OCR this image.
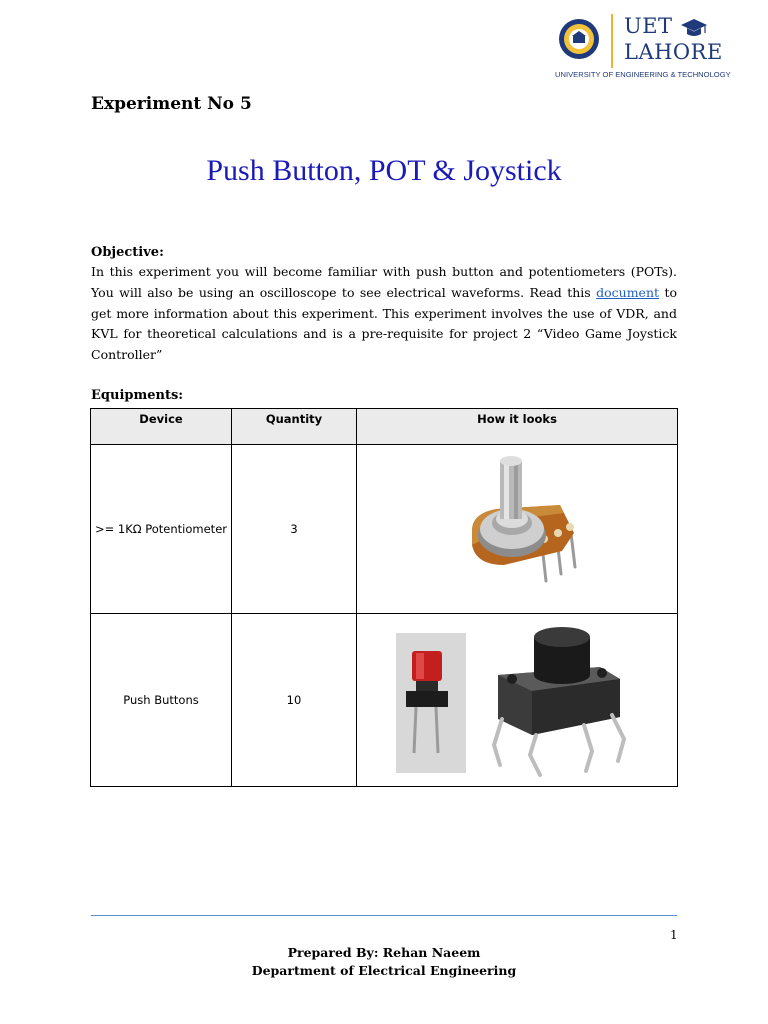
UET
LAHORE
UNIVERSITY OF ENGINEERING & TECHNOLOGY
Experiment No 5
Push Button, POT & Joystick
Objective:
In this experiment you will become familiar with push button and potentiometers (POTs). You will also be using an oscilloscope to see electrical waveforms. Read this document to get more information about this experiment. This experiment involves the use of VDR, and KVL for theoretical calculations and is a pre-requisite for project 2 “Video Game Joystick Controller”
Equipments:
Device	Quantity	How it looks
>= 1KΩ Potentiometer	3	
Push Buttons	10	
1
Prepared By: Rehan Naeem
Department of Electrical Engineering
